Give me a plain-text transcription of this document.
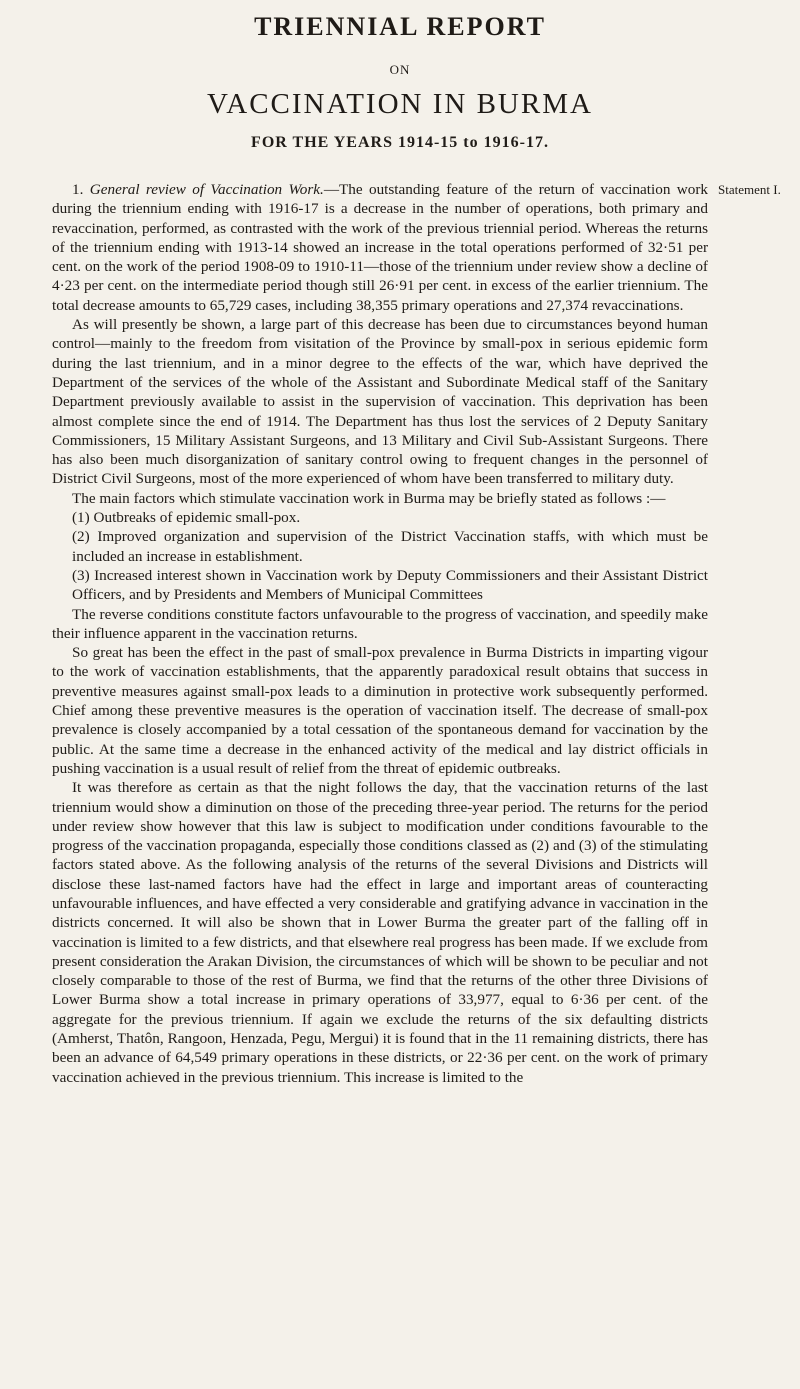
TRIENNIAL REPORT
ON
VACCINATION IN BURMA
FOR THE YEARS 1914-15 to 1916-17.
Statement I.

1. General review of Vaccination Work.—The outstanding feature of the return of vaccination work during the triennium ending with 1916-17 is a decrease in the number of operations, both primary and revaccination, performed, as contrasted with the work of the previous triennial period. Whereas the returns of the triennium ending with 1913-14 showed an increase in the total operations performed of 32·51 per cent. on the work of the period 1908-09 to 1910-11—those of the triennium under review show a decline of 4·23 per cent. on the intermediate period though still 26·91 per cent. in excess of the earlier triennium. The total decrease amounts to 65,729 cases, including 38,355 primary operations and 27,374 revaccinations.

As will presently be shown, a large part of this decrease has been due to circumstances beyond human control—mainly to the freedom from visitation of the Province by small-pox in serious epidemic form during the last triennium, and in a minor degree to the effects of the war, which have deprived the Department of the services of the whole of the Assistant and Subordinate Medical staff of the Sanitary Department previously available to assist in the supervision of vaccination. This deprivation has been almost complete since the end of 1914. The Department has thus lost the services of 2 Deputy Sanitary Commissioners, 15 Military Assistant Surgeons, and 13 Military and Civil Sub-Assistant Surgeons. There has also been much disorganization of sanitary control owing to frequent changes in the personnel of District Civil Surgeons, most of the more experienced of whom have been transferred to military duty.

The main factors which stimulate vaccination work in Burma may be briefly stated as follows :—

(1) Outbreaks of epidemic small-pox.

(2) Improved organization and supervision of the District Vaccination staffs, with which must be included an increase in establishment.

(3) Increased interest shown in Vaccination work by Deputy Commissioners and their Assistant District Officers, and by Presidents and Members of Municipal Committees

The reverse conditions constitute factors unfavourable to the progress of vaccination, and speedily make their influence apparent in the vaccination returns.

So great has been the effect in the past of small-pox prevalence in Burma Districts in imparting vigour to the work of vaccination establishments, that the apparently paradoxical result obtains that success in preventive measures against small-pox leads to a diminution in protective work subsequently performed. Chief among these preventive measures is the operation of vaccination itself. The decrease of small-pox prevalence is closely accompanied by a total cessation of the spontaneous demand for vaccination by the public. At the same time a decrease in the enhanced activity of the medical and lay district officials in pushing vaccination is a usual result of relief from the threat of epidemic outbreaks.

It was therefore as certain as that the night follows the day, that the vaccination returns of the last triennium would show a diminution on those of the preceding three-year period. The returns for the period under review show however that this law is subject to modification under conditions favourable to the progress of the vaccination propaganda, especially those conditions classed as (2) and (3) of the stimulating factors stated above. As the following analysis of the returns of the several Divisions and Districts will disclose these last-named factors have had the effect in large and important areas of counteracting unfavourable influences, and have effected a very considerable and gratifying advance in vaccination in the districts concerned. It will also be shown that in Lower Burma the greater part of the falling off in vaccination is limited to a few districts, and that elsewhere real progress has been made. If we exclude from present consideration the Arakan Division, the circumstances of which will be shown to be peculiar and not closely comparable to those of the rest of Burma, we find that the returns of the other three Divisions of Lower Burma show a total increase in primary operations of 33,977, equal to 6·36 per cent. of the aggregate for the previous triennium. If again we exclude the returns of the six defaulting districts (Amherst, Thatôn, Rangoon, Henzada, Pegu, Mergui) it is found that in the 11 remaining districts, there has been an advance of 64,549 primary operations in these districts, or 22·36 per cent. on the work of primary vaccination achieved in the previous triennium. This increase is limited to the
